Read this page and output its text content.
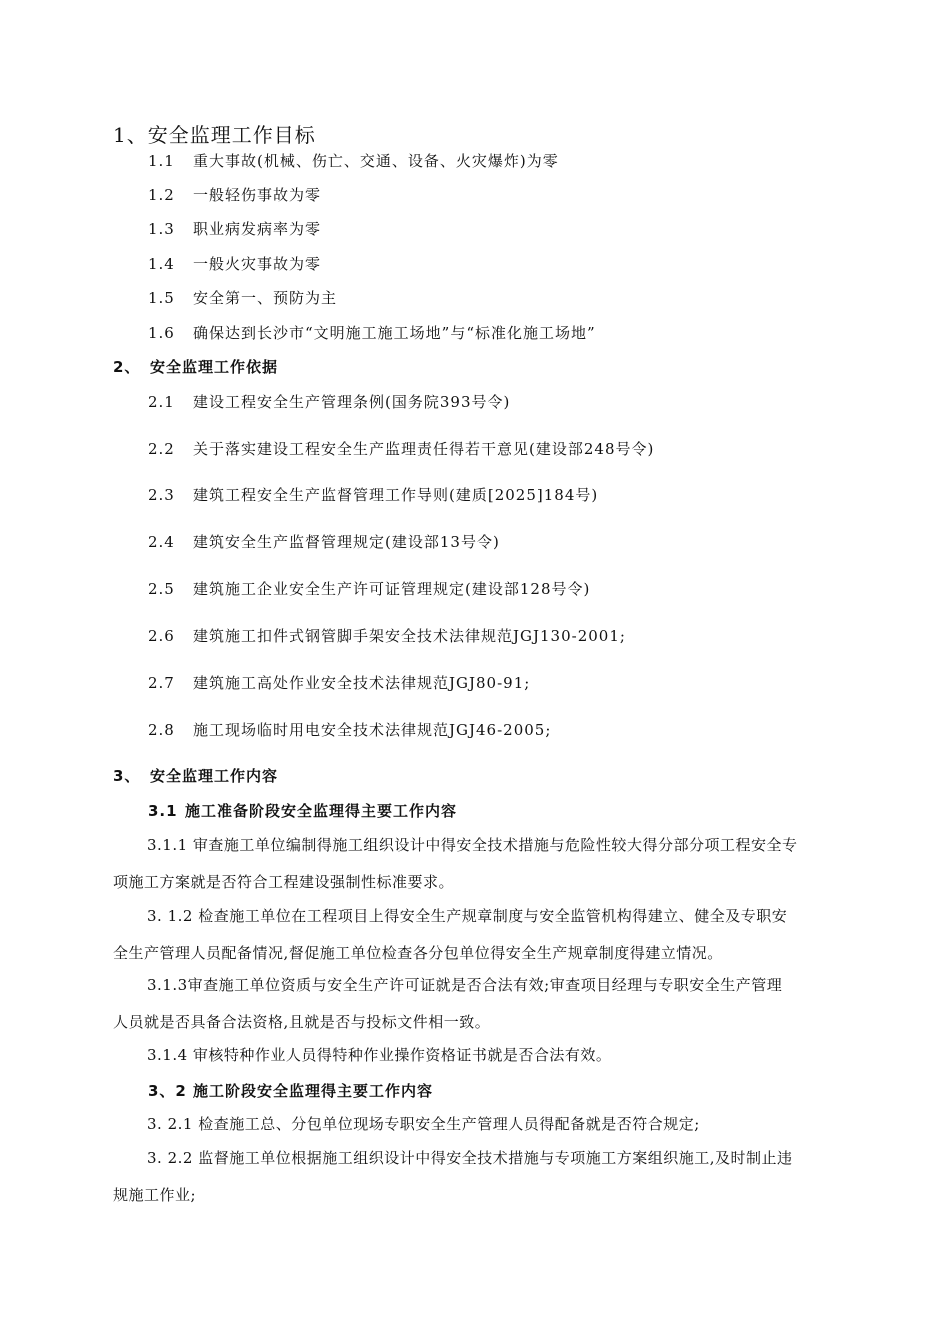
1、安全监理工作目标
1.1 重大事故(机械、伤亡、交通、设备、火灾爆炸)为零
1.2 一般轻伤事故为零
1.3 职业病发病率为零
1.4 一般火灾事故为零
1.5 安全第一、预防为主
1.6 确保达到长沙市“文明施工施工场地”与“标准化施工场地”
2、 安全监理工作依据
2.1 建设工程安全生产管理条例(国务院393号令)
2.2 关于落实建设工程安全生产监理责任得若干意见(建设部248号令)
2.3 建筑工程安全生产监督管理工作导则(建质[2025]184号)
2.4 建筑安全生产监督管理规定(建设部13号令)
2.5 建筑施工企业安全生产许可证管理规定(建设部128号令)
2.6 建筑施工扣件式钢管脚手架安全技术法律规范JGJ130-2001;
2.7 建筑施工高处作业安全技术法律规范JGJ80-91;
2.8 施工现场临时用电安全技术法律规范JGJ46-2005;
3、 安全监理工作内容
3.1 施工准备阶段安全监理得主要工作内容
3.1.1 审查施工单位编制得施工组织设计中得安全技术措施与危险性较大得分部分项工程安全专
项施工方案就是否符合工程建设强制性标准要求。
3. 1.2 检查施工单位在工程项目上得安全生产规章制度与安全监管机构得建立、健全及专职安
全生产管理人员配备情况,督促施工单位检查各分包单位得安全生产规章制度得建立情况。
3.1.3审查施工单位资质与安全生产许可证就是否合法有效;审查项目经理与专职安全生产管理
人员就是否具备合法资格,且就是否与投标文件相一致。
3.1.4 审核特种作业人员得特种作业操作资格证书就是否合法有效。
3、2 施工阶段安全监理得主要工作内容
3. 2.1 检查施工总、分包单位现场专职安全生产管理人员得配备就是否符合规定;
3. 2.2 监督施工单位根据施工组织设计中得安全技术措施与专项施工方案组织施工,及时制止违
规施工作业;
